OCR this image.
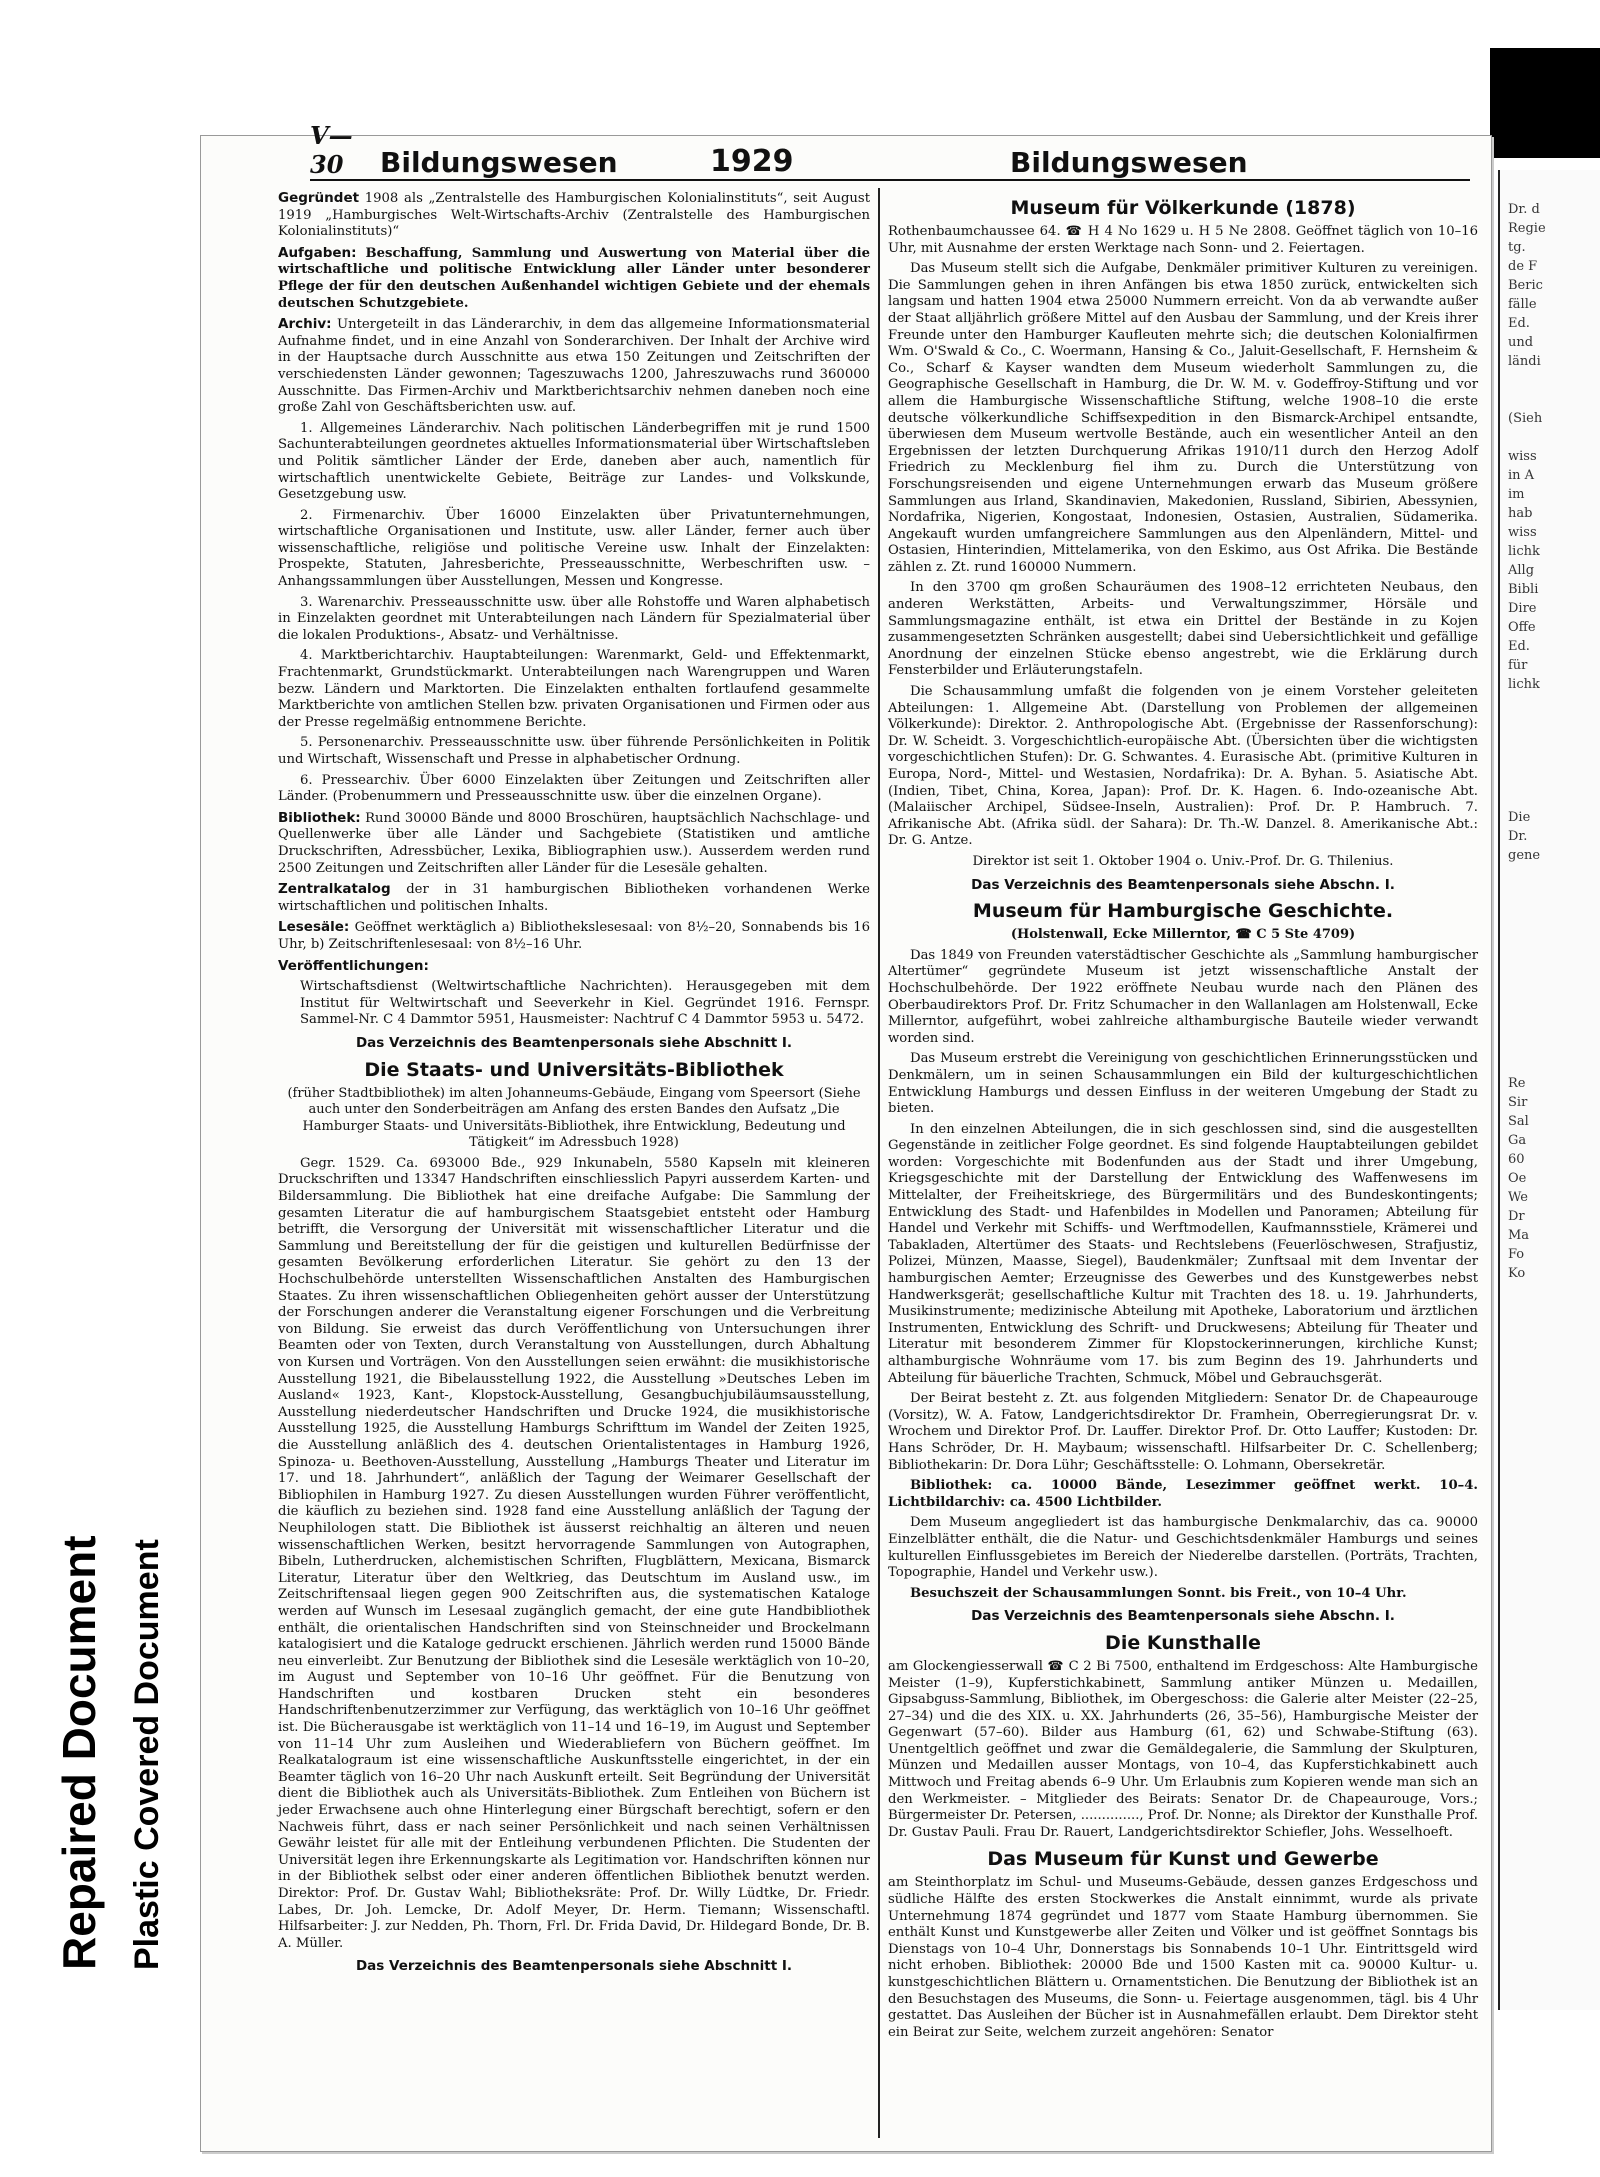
Repaired Document Plastic Covered Document
Dr. d
Regie
tg.
de F
Beric
fälle
Ed.
und
ländi

(Sieh

wiss
in A
im
hab
wiss
lichk
Allg
Bibli
Dire
Offe
Ed.
für
lichk

Die
Dr.
gene

Re
Sir
Sal
Ga
60
Oe
We
Dr
Ma
Fo
Ko
V—30	Bildungswesen	1929	Bildungswesen

Gegründet 1908 als „Zentralstelle des Hamburgischen Kolonialinstituts“, seit August 1919 „Hamburgisches Welt-Wirtschafts-Archiv (Zentralstelle des Hamburgischen Kolonialinstituts)“

Aufgaben: Beschaffung, Sammlung und Auswertung von Material über die wirtschaftliche und politische Entwicklung aller Länder unter besonderer Pflege der für den deutschen Außenhandel wichtigen Gebiete und der ehemals deutschen Schutzgebiete.

Archiv: Untergeteilt in das Länderarchiv, in dem das allgemeine Informationsmaterial Aufnahme findet, und in eine Anzahl von Sonderarchiven. Der Inhalt der Archive wird in der Hauptsache durch Ausschnitte aus etwa 150 Zeitungen und Zeitschriften der verschiedensten Länder gewonnen; Tageszuwachs 1200, Jahreszuwachs rund 360000 Ausschnitte. Das Firmen-Archiv und Marktberichtsarchiv nehmen daneben noch eine große Zahl von Geschäftsberichten usw. auf.

1. Allgemeines Länderarchiv. Nach politischen Länderbegriffen mit je rund 1500 Sachunterabteilungen geordnetes aktuelles Informationsmaterial über Wirtschaftsleben und Politik sämtlicher Länder der Erde, daneben aber auch, namentlich für wirtschaftlich unentwickelte Gebiete, Beiträge zur Landes- und Volkskunde, Gesetzgebung usw.

2. Firmenarchiv. Über 16000 Einzelakten über Privatunternehmungen, wirtschaftliche Organisationen und Institute, usw. aller Länder, ferner auch über wissenschaftliche, religiöse und politische Vereine usw. Inhalt der Einzelakten: Prospekte, Statuten, Jahresberichte, Presseausschnitte, Werbeschriften usw. – Anhangssammlungen über Ausstellungen, Messen und Kongresse.

3. Warenarchiv. Presseausschnitte usw. über alle Rohstoffe und Waren alphabetisch in Einzelakten geordnet mit Unterabteilungen nach Ländern für Spezialmaterial über die lokalen Produktions-, Absatz- und Verhältnisse.

4. Marktberichtarchiv. Hauptabteilungen: Warenmarkt, Geld- und Effektenmarkt, Frachtenmarkt, Grundstückmarkt. Unterabteilungen nach Warengruppen und Waren bezw. Ländern und Marktorten. Die Einzelakten enthalten fortlaufend gesammelte Marktberichte von amtlichen Stellen bzw. privaten Organisationen und Firmen oder aus der Presse regelmäßig entnommene Berichte.

5. Personenarchiv. Presseausschnitte usw. über führende Persönlichkeiten in Politik und Wirtschaft, Wissenschaft und Presse in alphabetischer Ordnung.

6. Pressearchiv. Über 6000 Einzelakten über Zeitungen und Zeitschriften aller Länder. (Probenummern und Presseausschnitte usw. über die einzelnen Organe).

Bibliothek: Rund 30000 Bände und 8000 Broschüren, hauptsächlich Nachschlage- und Quellenwerke über alle Länder und Sachgebiete (Statistiken und amtliche Druckschriften, Adressbücher, Lexika, Bibliographien usw.). Ausserdem werden rund 2500 Zeitungen und Zeitschriften aller Länder für die Lesesäle gehalten.

Zentralkatalog der in 31 hamburgischen Bibliotheken vorhandenen Werke wirtschaftlichen und politischen Inhalts.

Lesesäle: Geöffnet werktäglich a) Bibliothekslesesaal: von 8½–20, Sonnabends bis 16 Uhr, b) Zeitschriftenlesesaal: von 8½–16 Uhr.

Veröffentlichungen:

Wirtschaftsdienst (Weltwirtschaftliche Nachrichten). Herausgegeben mit dem Institut für Weltwirtschaft und Seeverkehr in Kiel. Gegründet 1916. Fernspr. Sammel-Nr. C 4 Dammtor 5951, Hausmeister: Nachtruf C 4 Dammtor 5953 u. 5472.

Das Verzeichnis des Beamtenpersonals siehe Abschnitt I.

Die Staats- und Universitäts-Bibliothek

(früher Stadtbibliothek) im alten Johanneums-Gebäude, Eingang vom Speersort (Siehe auch unter den Sonderbeiträgen am Anfang des ersten Bandes den Aufsatz „Die Hamburger Staats- und Universitäts-Bibliothek, ihre Entwicklung, Bedeutung und Tätigkeit“ im Adressbuch 1928)

Gegr. 1529. Ca. 693000 Bde., 929 Inkunabeln, 5580 Kapseln mit kleineren Druckschriften und 13347 Handschriften einschliesslich Papyri ausserdem Karten- und Bildersammlung. Die Bibliothek hat eine dreifache Aufgabe: Die Sammlung der gesamten Literatur die auf hamburgischem Staatsgebiet entsteht oder Hamburg betrifft, die Versorgung der Universität mit wissenschaftlicher Literatur und die Sammlung und Bereitstellung der für die geistigen und kulturellen Bedürfnisse der gesamten Bevölkerung erforderlichen Literatur. Sie gehört zu den 13 der Hochschulbehörde unterstellten Wissenschaftlichen Anstalten des Hamburgischen Staates. Zu ihren wissenschaftlichen Obliegenheiten gehört ausser der Unterstützung der Forschungen anderer die Veranstaltung eigener Forschungen und die Verbreitung von Bildung. Sie erweist das durch Veröffentlichung von Untersuchungen ihrer Beamten oder von Texten, durch Veranstaltung von Ausstellungen, durch Abhaltung von Kursen und Vorträgen. Von den Ausstellungen seien erwähnt: die musikhistorische Ausstellung 1921, die Bibelausstellung 1922, die Ausstellung »Deutsches Leben im Ausland« 1923, Kant-, Klopstock-Ausstellung, Gesangbuchjubiläumsausstellung, Ausstellung niederdeutscher Handschriften und Drucke 1924, die musikhistorische Ausstellung 1925, die Ausstellung Hamburgs Schrifttum im Wandel der Zeiten 1925, die Ausstellung anläßlich des 4. deutschen Orientalistentages in Hamburg 1926, Spinoza- u. Beethoven-Ausstellung, Ausstellung „Hamburgs Theater und Literatur im 17. und 18. Jahrhundert“, anläßlich der Tagung der Weimarer Gesellschaft der Bibliophilen in Hamburg 1927. Zu diesen Ausstellungen wurden Führer veröffentlicht, die käuflich zu beziehen sind. 1928 fand eine Ausstellung anläßlich der Tagung der Neuphilologen statt. Die Bibliothek ist äusserst reichhaltig an älteren und neuen wissenschaftlichen Werken, besitzt hervorragende Sammlungen von Autographen, Bibeln, Lutherdrucken, alchemistischen Schriften, Flugblättern, Mexicana, Bismarck Literatur, Literatur über den Weltkrieg, das Deutschtum im Ausland usw., im Zeitschriftensaal liegen gegen 900 Zeitschriften aus, die systematischen Kataloge werden auf Wunsch im Lesesaal zugänglich gemacht, der eine gute Handbibliothek enthält, die orientalischen Handschriften sind von Steinschneider und Brockelmann katalogisiert und die Kataloge gedruckt erschienen. Jährlich werden rund 15000 Bände neu einverleibt. Zur Benutzung der Bibliothek sind die Lesesäle werktäglich von 10–20, im August und September von 10–16 Uhr geöffnet. Für die Benutzung von Handschriften und kostbaren Drucken steht ein besonderes Handschriftenbenutzerzimmer zur Verfügung, das werktäglich von 10–16 Uhr geöffnet ist. Die Bücherausgabe ist werktäglich von 11–14 und 16–19, im August und September von 11–14 Uhr zum Ausleihen und Wiederabliefern von Büchern geöffnet. Im Realkatalograum ist eine wissenschaftliche Auskunftsstelle eingerichtet, in der ein Beamter täglich von 16–20 Uhr nach Auskunft erteilt. Seit Begründung der Universität dient die Bibliothek auch als Universitäts-Bibliothek. Zum Entleihen von Büchern ist jeder Erwachsene auch ohne Hinterlegung einer Bürgschaft berechtigt, sofern er den Nachweis führt, dass er nach seiner Persönlichkeit und nach seinen Verhältnissen Gewähr leistet für alle mit der Entleihung verbundenen Pflichten. Die Studenten der Universität legen ihre Erkennungskarte als Legitimation vor. Handschriften können nur in der Bibliothek selbst oder einer anderen öffentlichen Bibliothek benutzt werden. Direktor: Prof. Dr. Gustav Wahl; Bibliotheksräte: Prof. Dr. Willy Lüdtke, Dr. Friedr. Labes, Dr. Joh. Lemcke, Dr. Adolf Meyer, Dr. Herm. Tiemann; Wissenschaftl. Hilfsarbeiter: J. zur Nedden, Ph. Thorn, Frl. Dr. Frida David, Dr. Hildegard Bonde, Dr. B. A. Müller.

Das Verzeichnis des Beamtenpersonals siehe Abschnitt I.

Museum für Völkerkunde (1878)

Rothenbaumchaussee 64. ☎ H 4 No 1629 u. H 5 Ne 2808. Geöffnet täglich von 10–16 Uhr, mit Ausnahme der ersten Werktage nach Sonn- und 2. Feiertagen.

Das Museum stellt sich die Aufgabe, Denkmäler primitiver Kulturen zu vereinigen. Die Sammlungen gehen in ihren Anfängen bis etwa 1850 zurück, entwickelten sich langsam und hatten 1904 etwa 25000 Nummern erreicht. Von da ab verwandte außer der Staat alljährlich größere Mittel auf den Ausbau der Sammlung, und der Kreis ihrer Freunde unter den Hamburger Kaufleuten mehrte sich; die deutschen Kolonialfirmen Wm. O'Swald & Co., C. Woermann, Hansing & Co., Jaluit-Gesellschaft, F. Hernsheim & Co., Scharf & Kayser wandten dem Museum wiederholt Sammlungen zu, die Geographische Gesellschaft in Hamburg, die Dr. W. M. v. Godeffroy-Stiftung und vor allem die Hamburgische Wissenschaftliche Stiftung, welche 1908–10 die erste deutsche völkerkundliche Schiffsexpedition in den Bismarck-Archipel entsandte, überwiesen dem Museum wertvolle Bestände, auch ein wesentlicher Anteil an den Ergebnissen der letzten Durchquerung Afrikas 1910/11 durch den Herzog Adolf Friedrich zu Mecklenburg fiel ihm zu. Durch die Unterstützung von Forschungsreisenden und eigene Unternehmungen erwarb das Museum größere Sammlungen aus Irland, Skandinavien, Makedonien, Russland, Sibirien, Abessynien, Nordafrika, Nigerien, Kongostaat, Indonesien, Ostasien, Australien, Südamerika. Angekauft wurden umfangreichere Sammlungen aus den Alpenländern, Mittel- und Ostasien, Hinterindien, Mittelamerika, von den Eskimo, aus Ost Afrika. Die Bestände zählen z. Zt. rund 160000 Nummern.

In den 3700 qm großen Schauräumen des 1908–12 errichteten Neubaus, den anderen Werkstätten, Arbeits- und Verwaltungszimmer, Hörsäle und Sammlungsmagazine enthält, ist etwa ein Drittel der Bestände in zu Kojen zusammengesetzten Schränken ausgestellt; dabei sind Uebersichtlichkeit und gefällige Anordnung der einzelnen Stücke ebenso angestrebt, wie die Erklärung durch Fensterbilder und Erläuterungstafeln.

Die Schausammlung umfaßt die folgenden von je einem Vorsteher geleiteten Abteilungen: 1. Allgemeine Abt. (Darstellung von Problemen der allgemeinen Völkerkunde): Direktor. 2. Anthropologische Abt. (Ergebnisse der Rassenforschung): Dr. W. Scheidt. 3. Vorgeschichtlich-europäische Abt. (Übersichten über die wichtigsten vorgeschichtlichen Stufen): Dr. G. Schwantes. 4. Eurasische Abt. (primitive Kulturen in Europa, Nord-, Mittel- und Westasien, Nordafrika): Dr. A. Byhan. 5. Asiatische Abt. (Indien, Tibet, China, Korea, Japan): Prof. Dr. K. Hagen. 6. Indo-ozeanische Abt. (Malaiischer Archipel, Südsee-Inseln, Australien): Prof. Dr. P. Hambruch. 7. Afrikanische Abt. (Afrika südl. der Sahara): Dr. Th.-W. Danzel. 8. Amerikanische Abt.: Dr. G. Antze.

Direktor ist seit 1. Oktober 1904 o. Univ.-Prof. Dr. G. Thilenius.

Das Verzeichnis des Beamtenpersonals siehe Abschn. I.

Museum für Hamburgische Geschichte.

(Holstenwall, Ecke Millerntor, ☎ C 5 Ste 4709)

Das 1849 von Freunden vaterstädtischer Geschichte als „Sammlung hamburgischer Altertümer“ gegründete Museum ist jetzt wissenschaftliche Anstalt der Hochschulbehörde. Der 1922 eröffnete Neubau wurde nach den Plänen des Oberbaudirektors Prof. Dr. Fritz Schumacher in den Wallanlagen am Holstenwall, Ecke Millerntor, aufgeführt, wobei zahlreiche althamburgische Bauteile wieder verwandt worden sind.

Das Museum erstrebt die Vereinigung von geschichtlichen Erinnerungsstücken und Denkmälern, um in seinen Schausammlungen ein Bild der kulturgeschichtlichen Entwicklung Hamburgs und dessen Einfluss in der weiteren Umgebung der Stadt zu bieten.

In den einzelnen Abteilungen, die in sich geschlossen sind, sind die ausgestellten Gegenstände in zeitlicher Folge geordnet. Es sind folgende Hauptabteilungen gebildet worden: Vorgeschichte mit Bodenfunden aus der Stadt und ihrer Umgebung, Kriegsgeschichte mit der Darstellung der Entwicklung des Waffenwesens im Mittelalter, der Freiheitskriege, des Bürgermilitärs und des Bundeskontingents; Entwicklung des Stadt- und Hafenbildes in Modellen und Panoramen; Abteilung für Handel und Verkehr mit Schiffs- und Werftmodellen, Kaufmannsstiele, Krämerei und Tabakladen, Altertümer des Staats- und Rechtslebens (Feuerlöschwesen, Strafjustiz, Polizei, Münzen, Maasse, Siegel), Baudenkmäler; Zunftsaal mit dem Inventar der hamburgischen Aemter; Erzeugnisse des Gewerbes und des Kunstgewerbes nebst Handwerksgerät; gesellschaftliche Kultur mit Trachten des 18. u. 19. Jahrhunderts, Musikinstrumente; medizinische Abteilung mit Apotheke, Laboratorium und ärztlichen Instrumenten, Entwicklung des Schrift- und Druckwesens; Abteilung für Theater und Literatur mit besonderem Zimmer für Klopstockerinnerungen, kirchliche Kunst; althamburgische Wohnräume vom 17. bis zum Beginn des 19. Jahrhunderts und Abteilung für bäuerliche Trachten, Schmuck, Möbel und Gebrauchsgerät.

Der Beirat besteht z. Zt. aus folgenden Mitgliedern: Senator Dr. de Chapeaurouge (Vorsitz), W. A. Fatow, Landgerichtsdirektor Dr. Framhein, Oberregierungsrat Dr. v. Wrochem und Direktor Prof. Dr. Lauffer. Direktor Prof. Dr. Otto Lauffer; Kustoden: Dr. Hans Schröder, Dr. H. Maybaum; wissenschaftl. Hilfsarbeiter Dr. C. Schellenberg; Bibliothekarin: Dr. Dora Lühr; Geschäftsstelle: O. Lohmann, Obersekretär.

Bibliothek: ca. 10000 Bände, Lesezimmer geöffnet werkt. 10–4. Lichtbildarchiv: ca. 4500 Lichtbilder.

Dem Museum angegliedert ist das hamburgische Denkmalarchiv, das ca. 90000 Einzelblätter enthält, die die Natur- und Geschichtsdenkmäler Hamburgs und seines kulturellen Einflussgebietes im Bereich der Niederelbe darstellen. (Porträts, Trachten, Topographie, Handel und Verkehr usw.).

Besuchszeit der Schausammlungen Sonnt. bis Freit., von 10–4 Uhr.

Das Verzeichnis des Beamtenpersonals siehe Abschn. I.

Die Kunsthalle

am Glockengiesserwall ☎ C 2 Bi 7500, enthaltend im Erdgeschoss: Alte Hamburgische Meister (1–9), Kupferstichkabinett, Sammlung antiker Münzen u. Medaillen, Gipsabguss-Sammlung, Bibliothek, im Obergeschoss: die Galerie alter Meister (22–25, 27–34) und die des XIX. u. XX. Jahrhunderts (26, 35–56), Hamburgische Meister der Gegenwart (57–60). Bilder aus Hamburg (61, 62) und Schwabe-Stiftung (63). Unentgeltlich geöffnet und zwar die Gemäldegalerie, die Sammlung der Skulpturen, Münzen und Medaillen ausser Montags, von 10–4, das Kupferstichkabinett auch Mittwoch und Freitag abends 6–9 Uhr. Um Erlaubnis zum Kopieren wende man sich an den Werkmeister. – Mitglieder des Beirats: Senator Dr. de Chapeaurouge, Vors.; Bürgermeister Dr. Petersen, .............., Prof. Dr. Nonne; als Direktor der Kunsthalle Prof. Dr. Gustav Pauli. Frau Dr. Rauert, Landgerichtsdirektor Schiefler, Johs. Wesselhoeft.

Das Museum für Kunst und Gewerbe

am Steinthorplatz im Schul- und Museums-Gebäude, dessen ganzes Erdgeschoss und südliche Hälfte des ersten Stockwerkes die Anstalt einnimmt, wurde als private Unternehmung 1874 gegründet und 1877 vom Staate Hamburg übernommen. Sie enthält Kunst und Kunstgewerbe aller Zeiten und Völker und ist geöffnet Sonntags bis Dienstags von 10–4 Uhr, Donnerstags bis Sonnabends 10–1 Uhr. Eintrittsgeld wird nicht erhoben. Bibliothek: 20000 Bde und 1500 Kasten mit ca. 90000 Kultur- u. kunstgeschichtlichen Blättern u. Ornamentstichen. Die Benutzung der Bibliothek ist an den Besuchstagen des Museums, die Sonn- u. Feiertage ausgenommen, tägl. bis 4 Uhr gestattet. Das Ausleihen der Bücher ist in Ausnahmefällen erlaubt. Dem Direktor steht ein Beirat zur Seite, welchem zurzeit angehören: Senator
